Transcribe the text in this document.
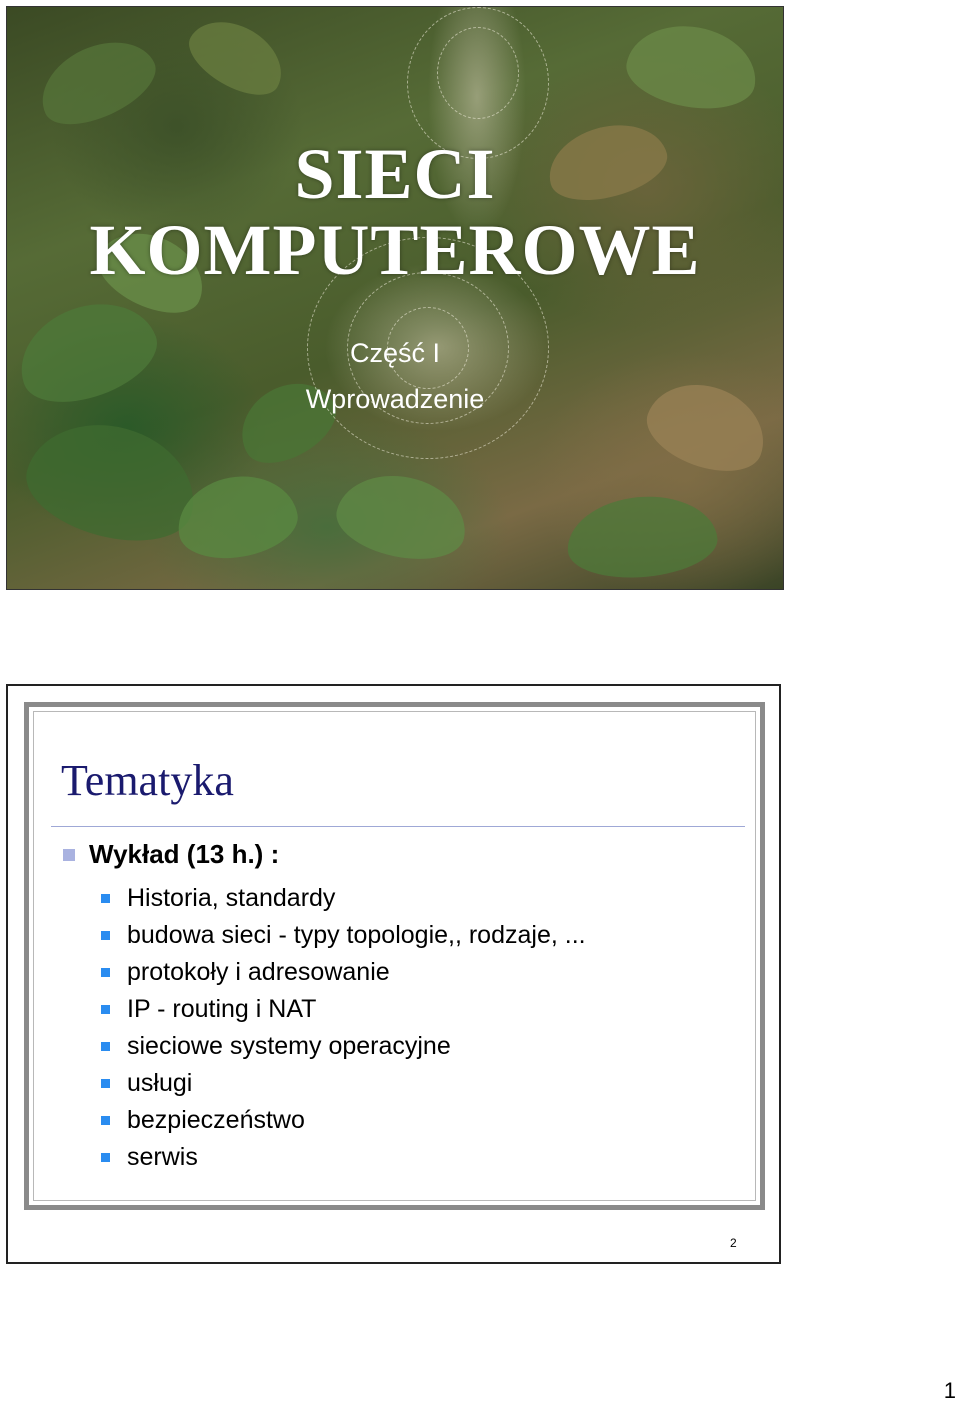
SIECI
KOMPUTEROWE

Część I

Wprowadzenie

Tematyka
Wykład (13 h.) :
Historia, standardy
budowa sieci - typy topologie,, rodzaje, ...
protokoły i adresowanie
IP - routing i NAT
sieciowe systemy operacyjne
usługi
bezpieczeństwo
serwis
2
1
